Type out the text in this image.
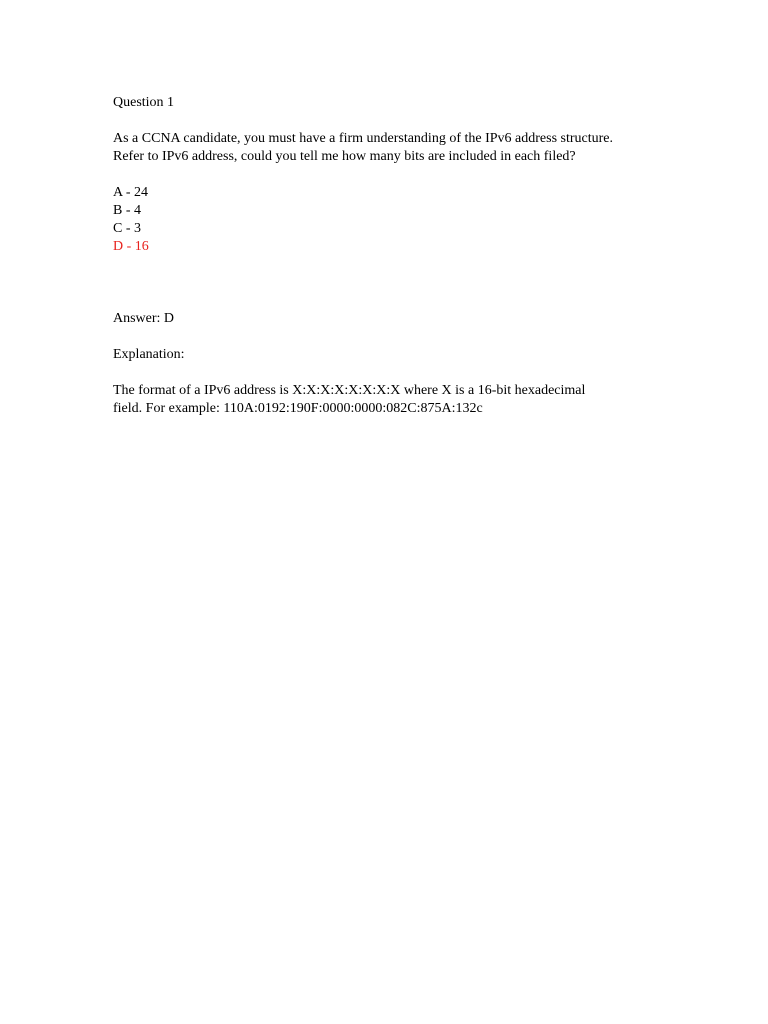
Question 1
As a CCNA candidate, you must have a firm understanding of the IPv6 address structure.
Refer to IPv6 address, could you tell me how many bits are included in each filed?
A - 24
B - 4
C - 3
D - 16
Answer: D
Explanation:
The format of a IPv6 address is X:X:X:X:X:X:X:X where X is a 16-bit hexadecimal
field. For example: 110A:0192:190F:0000:0000:082C:875A:132c
